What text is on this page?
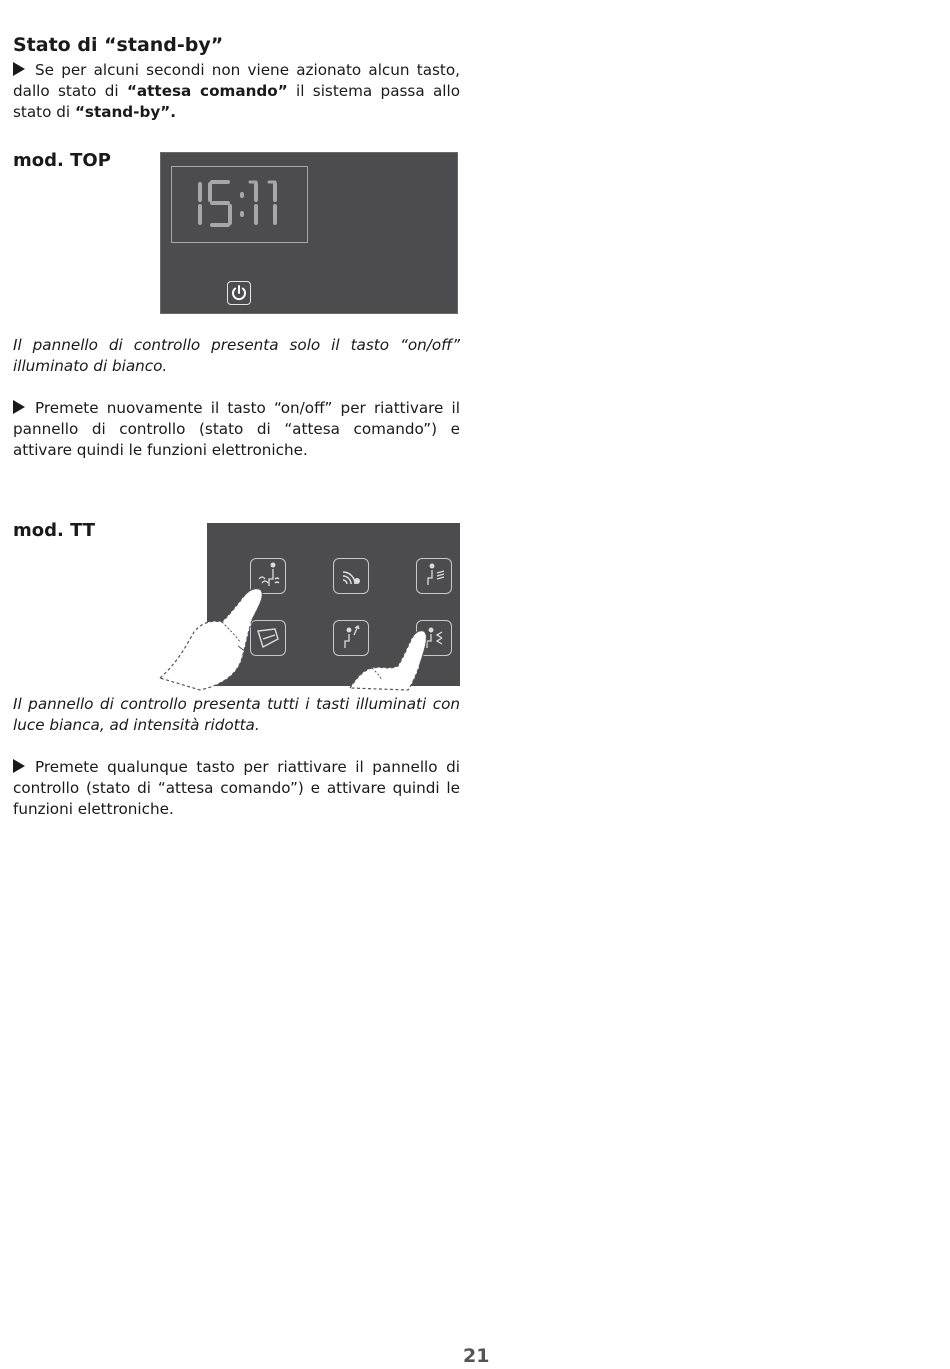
Stato di “stand-by”

Se per alcuni secondi non viene azionato alcun tasto, dallo stato di “attesa comando” il sistema passa allo stato di “stand-by”.

mod. TOP

Il pannello di controllo presenta solo il tasto “on/off” illuminato di bianco.

Premete nuovamente il tasto “on/off” per riattivare il pannello di controllo (stato di “attesa comando”) e attivare quindi le funzioni elettroniche.

mod. TT

Il pannello di controllo presenta tutti i tasti illuminati con luce bianca, ad intensità ridotta.

Premete qualunque tasto per riattivare il pannello di controllo (stato di “attesa comando”) e attivare quindi le funzioni elettroniche.

21
